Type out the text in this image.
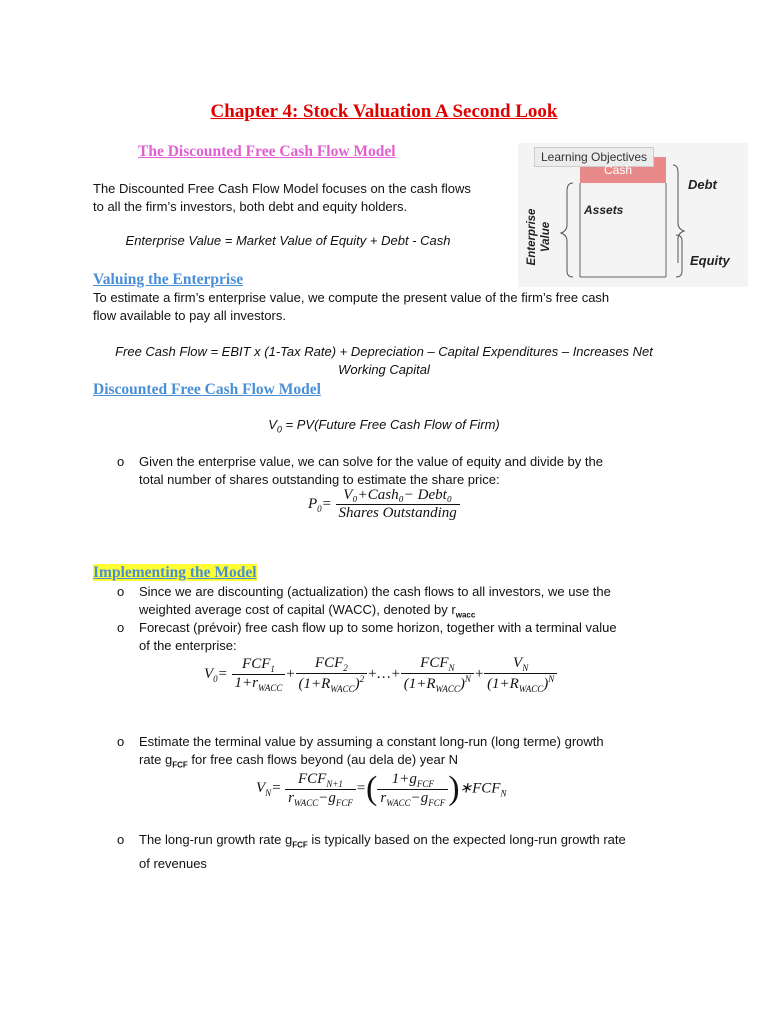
Chapter 4: Stock Valuation A Second Look
The Discounted Free Cash Flow Model
The Discounted Free Cash Flow Model focuses on the cash flows
to all the firm’s investors, both debt and equity holders.
Enterprise Value = Market Value of Equity + Debt - Cash
Learning Objectives
Cash
Debt
Assets
Equity
Enterprise Value
Valuing the Enterprise
To estimate a firm’s enterprise value, we compute the present value of the firm’s free cash
flow available to pay all investors.
Free Cash Flow = EBIT x (1-Tax Rate) + Depreciation – Capital Expenditures – Increases Net
Working Capital
Discounted Free Cash Flow Model
$V_0$ = PV(Future Free Cash Flow of Firm)
o Given the enterprise value, we can solve for the value of equity and divide by the
total number of shares outstanding to estimate the share price:
$P_0= \frac{\text{V₀+Cash₀− Debt₀}}{\text{Shares Outstanding}}$
Implementing the Model
o Since we are discounting (actualization) the cash flows to all investors, we use the
weighted average cost of capital (WACC), denoted by $r_{wacc}$
o Forecast (prévoir) free cash flow up to some horizon, together with a terminal value
of the enterprise:
$V_0= \frac{FCF_1}{1+r_{WACC}} + \frac{FCF_2}{(1+R_{WACC})^2}$ +…+ $\frac{FCF_N}{(1+R_{WACC})^N} + \frac{V_N}{(1+R_{WACC})^N}$
o Estimate the terminal value by assuming a constant long-run (long terme) growth
rate $g_{FCF}$ for free cash flows beyond (au dela de) year N
$V_N= \frac{FCF_{N+1}}{r_{WACC}-g_{FCF}}$ =( $\frac{1+g_{FCF}}{r_{WACC}-g_{FCF}}$ )$∗FCF_N$
o The long-run growth rate $g_{FCF}$ is typically based on the expected long-run growth rate
of revenues
